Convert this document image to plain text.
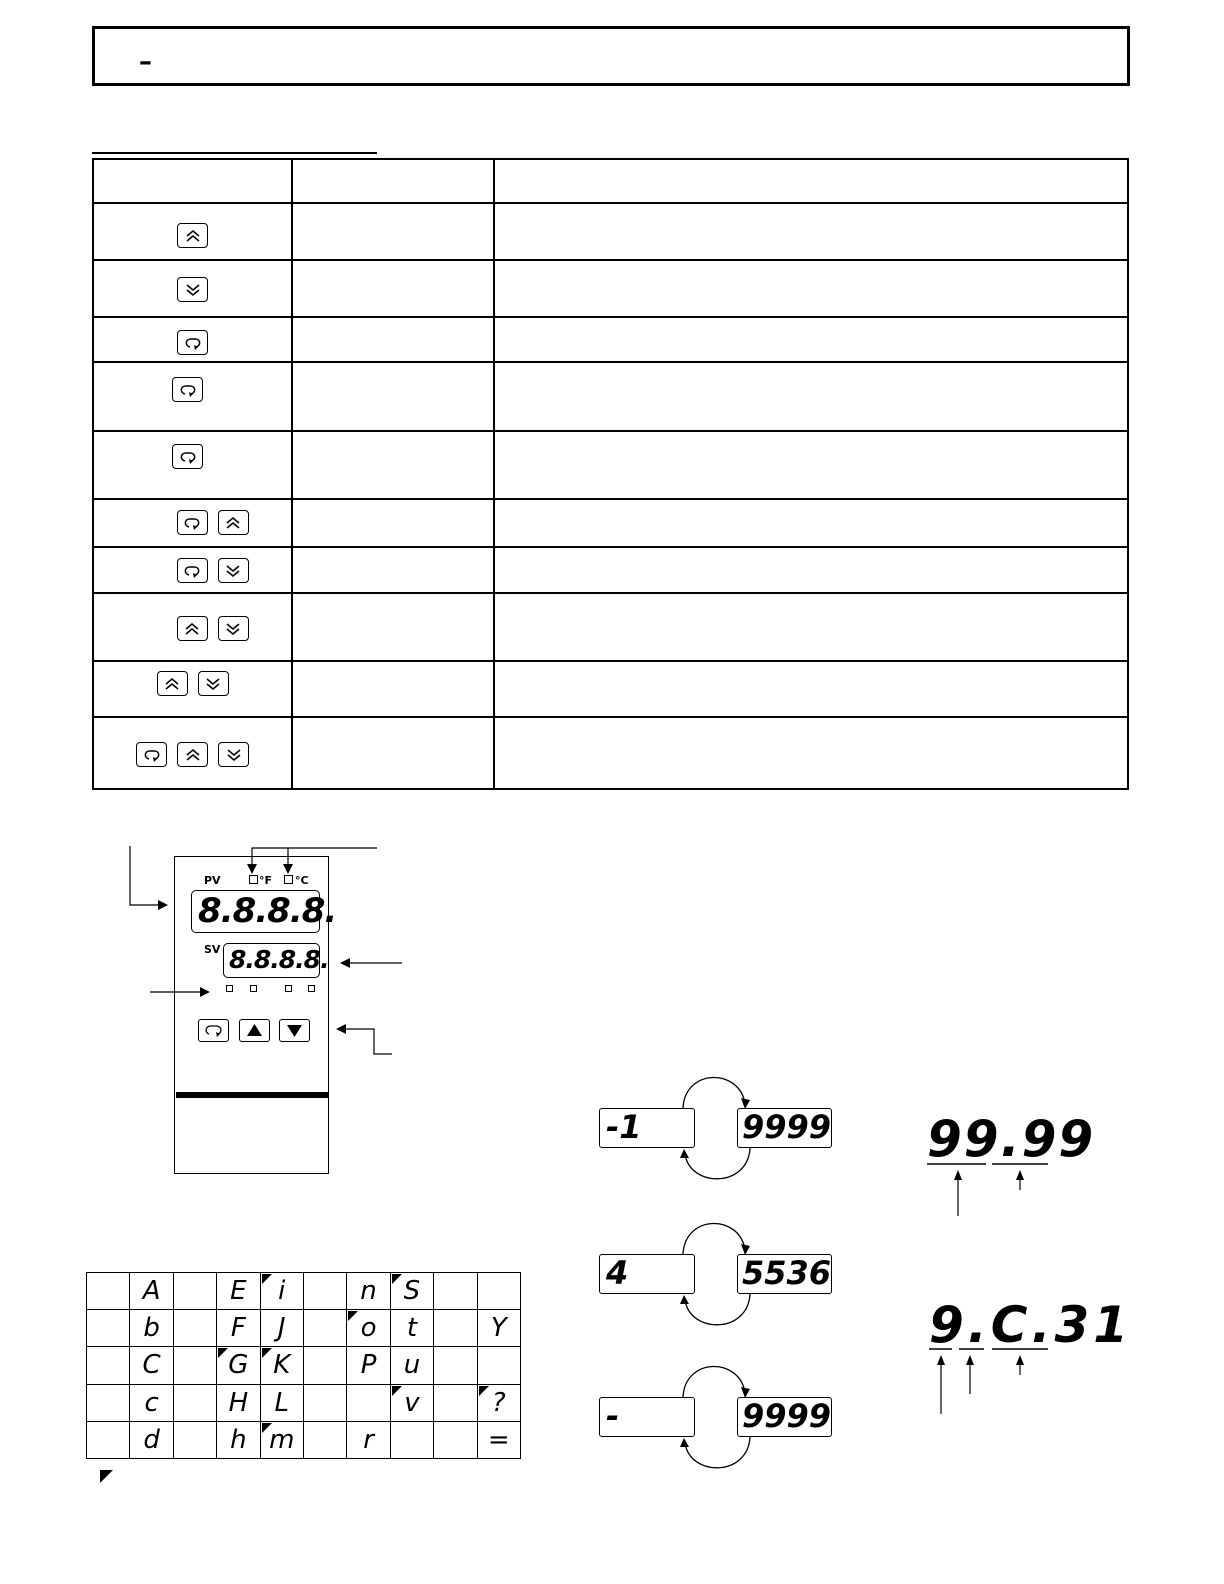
–

PV	°F °C
8.8.8.8.
SV 8.8.8.8.
-1	9999
4	5536
-	9999
99.99
9.C.31
	A		E	i		n	S

	b		F	J		o	t		Y
	C		G	K		P	u		
	c		H	L			v		?

	d		h	m		r			=
